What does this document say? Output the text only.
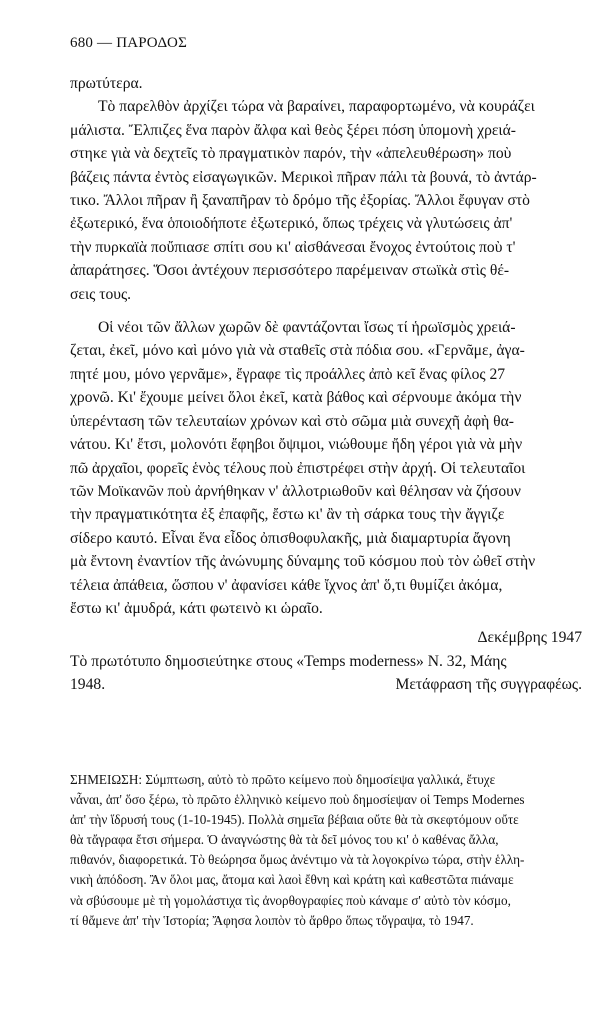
680 — ΠΑΡΟΔΟΣ
πρωτύτερα.
Τὸ παρελθὸν ἀρχίζει τώρα νὰ βαραίνει, παραφορτωμένο, νὰ κουράζει
μάλιστα. Ἔλπιζες ἕνα παρὸν ἄλφα καὶ θεὸς ξέρει πόση ὑπομονὴ χρειά-
στηκε γιὰ νὰ δεχτεῖς τὸ πραγματικὸν παρόν, τὴν «ἀπελευθέρωση» ποὺ
βάζεις πάντα ἐντὸς εἰσαγωγικῶν. Μερικοὶ πῆραν πάλι τὰ βουνά, τὸ ἀντάρ-
τικο. Ἄλλοι πῆραν ἢ ξαναπῆραν τὸ δρόμο τῆς ἐξορίας. Ἄλλοι ἔφυγαν στὸ
ἐξωτερικό, ἕνα ὁποιοδήποτε ἐξωτερικό, ὅπως τρέχεις νὰ γλυτώσεις ἀπ'
τὴν πυρκαϊὰ ποὔπιασε σπίτι σου κι' αἰσθάνεσαι ἔνοχος ἐντούτοις ποὺ τ'
ἀπαράτησες. Ὅσοι ἀντέχουν περισσότερο παρέμειναν στωϊκὰ στὶς θέ-
σεις τους.
Οἱ νέοι τῶν ἄλλων χωρῶν δὲ φαντάζονται ἴσως τί ἡρωϊσμὸς χρειά-
ζεται, ἐκεῖ, μόνο καὶ μόνο γιὰ νὰ σταθεῖς στὰ πόδια σου. «Γερνᾶμε, ἀγα-
πητέ μου, μόνο γερνᾶμε», ἔγραφε τὶς προάλλες ἀπὸ κεῖ ἕνας φίλος 27
χρονῶ. Κι' ἔχουμε μείνει ὅλοι ἐκεῖ, κατὰ βάθος καὶ σέρνουμε ἀκόμα τὴν
ὑπερένταση τῶν τελευταίων χρόνων καὶ στὸ σῶμα μιὰ συνεχῆ ἀφὴ θα-
νάτου. Κι' ἔτσι, μολονότι ἔφηβοι ὄψιμοι, νιώθουμε ἤδη γέροι γιὰ νὰ μὴν
πῶ ἀρχαῖοι, φορεῖς ἑνὸς τέλους ποὺ ἐπιστρέφει στὴν ἀρχή. Οἱ τελευταῖοι
τῶν Μοϊκανῶν ποὺ ἀρνήθηκαν ν' ἀλλοτριωθοῦν καὶ θέλησαν νὰ ζήσουν
τὴν πραγματικότητα ἐξ ἐπαφῆς, ἔστω κι' ἂν τὴ σάρκα τους τὴν ἄγγιζε
σίδερο καυτό. Εἶναι ἕνα εἶδος ὀπισθοφυλακῆς, μιὰ διαμαρτυρία ἄγονη
μὰ ἔντονη ἐναντίον τῆς ἀνώνυμης δύναμης τοῦ κόσμου ποὺ τὸν ὠθεῖ στὴν
τέλεια ἀπάθεια, ὥσπου ν' ἀφανίσει κάθε ἴχνος ἀπ' ὅ,τι θυμίζει ἀκόμα,
ἔστω κι' ἀμυδρά, κάτι φωτεινὸ κι ὡραῖο.
Δεκέμβρης 1947
Τὸ πρωτότυπο δημοσιεύτηκε στους «Temps moderness» N. 32, Μάης
1948.	Μετάφραση τῆς συγγραφέως.
ΣΗΜΕΙΩΣΗ: Σύμπτωση, αὐτὸ τὸ πρῶτο κείμενο ποὺ δημοσίεψα γαλλικά, ἔτυχε
νἆναι, ἀπ' ὅσο ξέρω, τὸ πρῶτο ἑλληνικὸ κείμενο ποὺ δημοσίεψαν οἱ Temps Modernes
ἀπ' τὴν ἵδρυσή τους (1-10-1945). Πολλὰ σημεῖα βέβαια οὔτε θὰ τὰ σκεφτόμουν οὔτε
θὰ τἄγραφα ἔτσι σήμερα. Ὁ ἀναγνώστης θὰ τὰ δεῖ μόνος του κι' ὁ καθένας ἄλλα,
πιθανόν, διαφορετικά. Τὸ θεώρησα ὅμως ἀνέντιμο νὰ τὰ λογοκρίνω τώρα, στὴν ἑλλη-
νικὴ ἀπόδοση. Ἂν ὅλοι μας, ἄτομα καὶ λαοὶ ἔθνη καὶ κράτη καὶ καθεστῶτα πιάναμε
νὰ σβύσουμε μὲ τὴ γομολάστιχα τὶς ἀνορθογραφίες ποὺ κάναμε σ' αὐτὸ τὸν κόσμο,
τί θἄμενε ἀπ' τὴν Ἱστορία; Ἄφησα λοιπὸν τὸ ἄρθρο ὅπως τὄγραψα, τὸ 1947.
